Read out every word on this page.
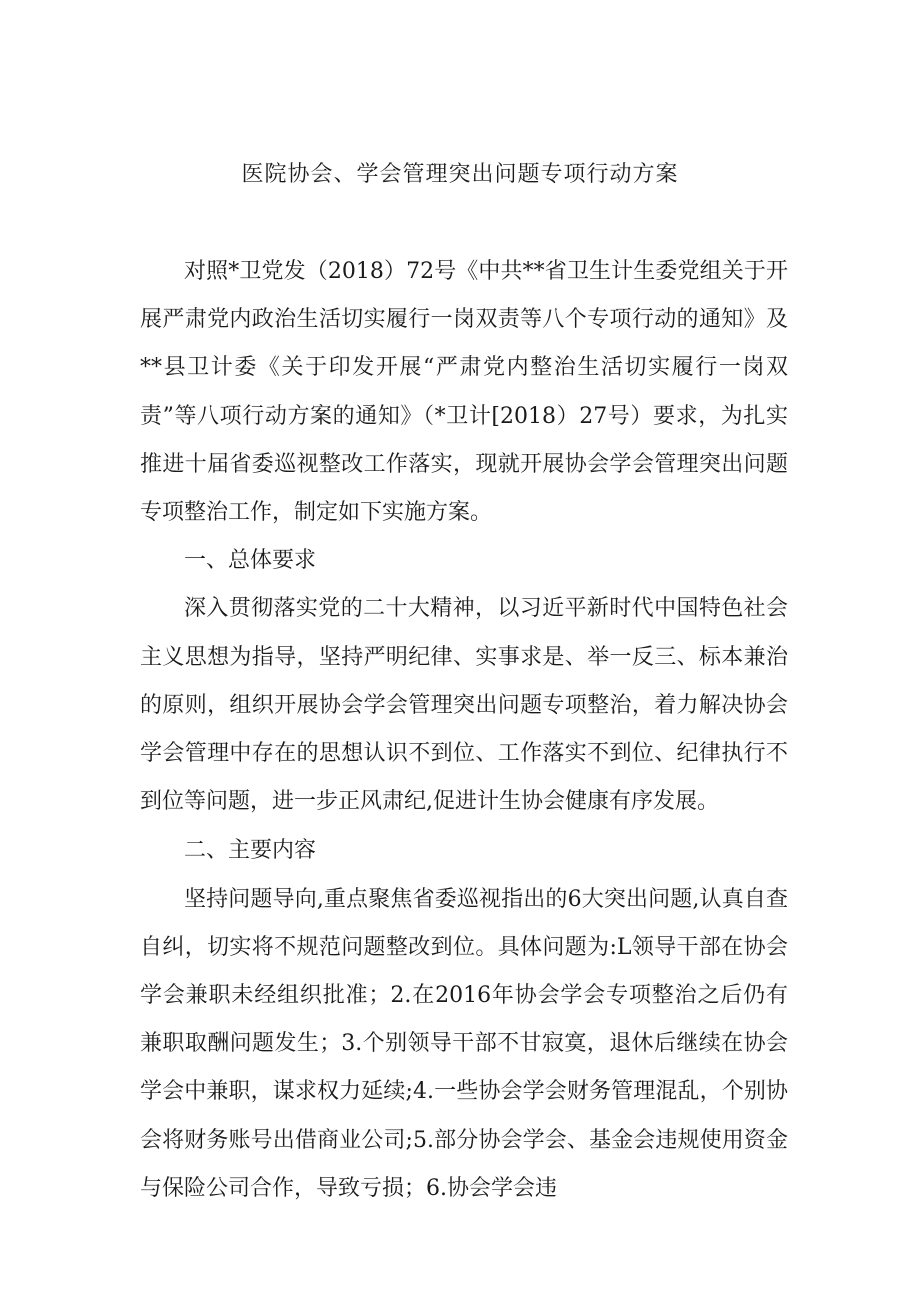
医院协会、学会管理突出问题专项行动方案

对照*卫党发（2018）72号《中共**省卫生计生委党组关于开展严肃党内政治生活切实履行一岗双责等八个专项行动的通知》及**县卫计委《关于印发开展“严肃党内整治生活切实履行一岗双责”等八项行动方案的通知》（*卫计[2018）27号）要求，为扎实推进十届省委巡视整改工作落实，现就开展协会学会管理突出问题专项整治工作，制定如下实施方案。

一、总体要求

深入贯彻落实党的二十大精神，以习近平新时代中国特色社会主义思想为指导，坚持严明纪律、实事求是、举一反三、标本兼治的原则，组织开展协会学会管理突出问题专项整治，着力解决协会学会管理中存在的思想认识不到位、工作落实不到位、纪律执行不到位等问题，进一步正风肃纪,促进计生协会健康有序发展。

二、主要内容

坚持问题导向,重点聚焦省委巡视指出的6大突出问题,认真自查自纠，切实将不规范问题整改到位。具体问题为:L领导干部在协会学会兼职未经组织批准；2.在2016年协会学会专项整治之后仍有兼职取酬问题发生；3.个别领导干部不甘寂寞，退休后继续在协会学会中兼职，谋求权力延续;4.一些协会学会财务管理混乱，个别协会将财务账号出借商业公司;5.部分协会学会、基金会违规使用资金与保险公司合作，导致亏损；6.协会学会违
